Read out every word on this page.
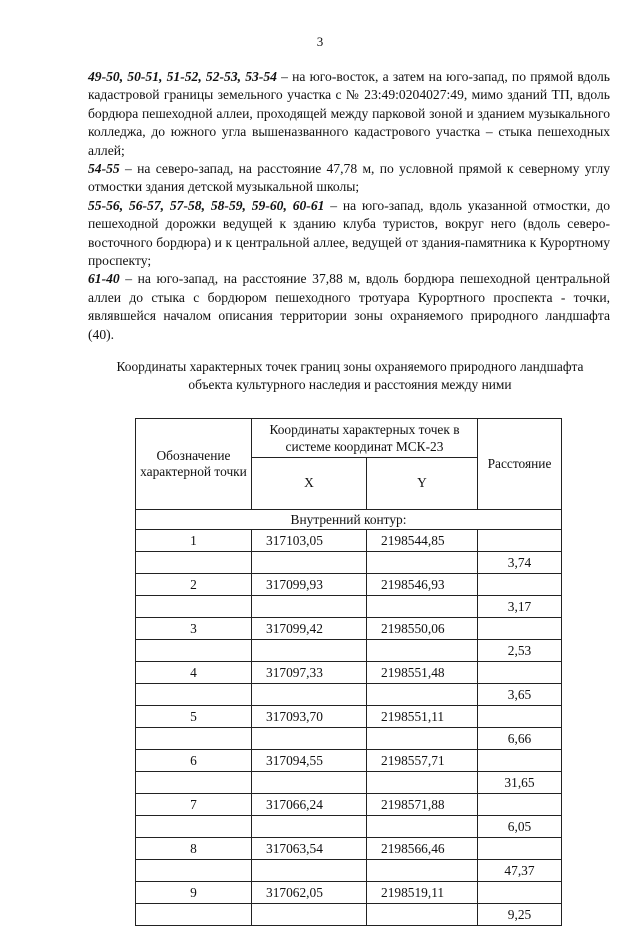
3

49-50, 50-51, 51-52, 52-53, 53-54 – на юго-восток, а затем на юго-запад, по прямой вдоль кадастровой границы земельного участка с № 23:49:0204027:49, мимо зданий ТП, вдоль бордюра пешеходной аллеи, проходящей между парковой зоной и зданием музыкального колледжа, до южного угла вышеназванного кадастрового участка – стыка пешеходных аллей;

54-55 – на северо-запад, на расстояние 47,78 м, по условной прямой к северному углу отмостки здания детской музыкальной школы;

55-56, 56-57, 57-58, 58-59, 59-60, 60-61 – на юго-запад, вдоль указанной отмостки, до пешеходной дорожки ведущей к зданию клуба туристов, вокруг него (вдоль северо-восточного бордюра) и к центральной аллее, ведущей от здания-памятника к Курортному проспекту;

61-40 – на юго-запад, на расстояние 37,88 м, вдоль бордюра пешеходной центральной аллеи до стыка с бордюром пешеходного тротуара Курортного проспекта - точки, являвшейся началом описания территории зоны охраняемого природного ландшафта (40).

Координаты характерных точек границ зоны охраняемого природного ландшафта объекта культурного наследия и расстояния между ними
Обозначение характерной точки	Координаты характерных точек в системе координат МСК-23		Расстояние
	X	Y	
Внутренний контур:			
1	317103,05	2198544,85	
			3,74
2	317099,93	2198546,93	
			3,17
3	317099,42	2198550,06	
			2,53
4	317097,33	2198551,48	
			3,65
5	317093,70	2198551,11	
			6,66
6	317094,55	2198557,71	
			31,65
7	317066,24	2198571,88	
			6,05
8	317063,54	2198566,46	
			47,37
9	317062,05	2198519,11	
			9,25
